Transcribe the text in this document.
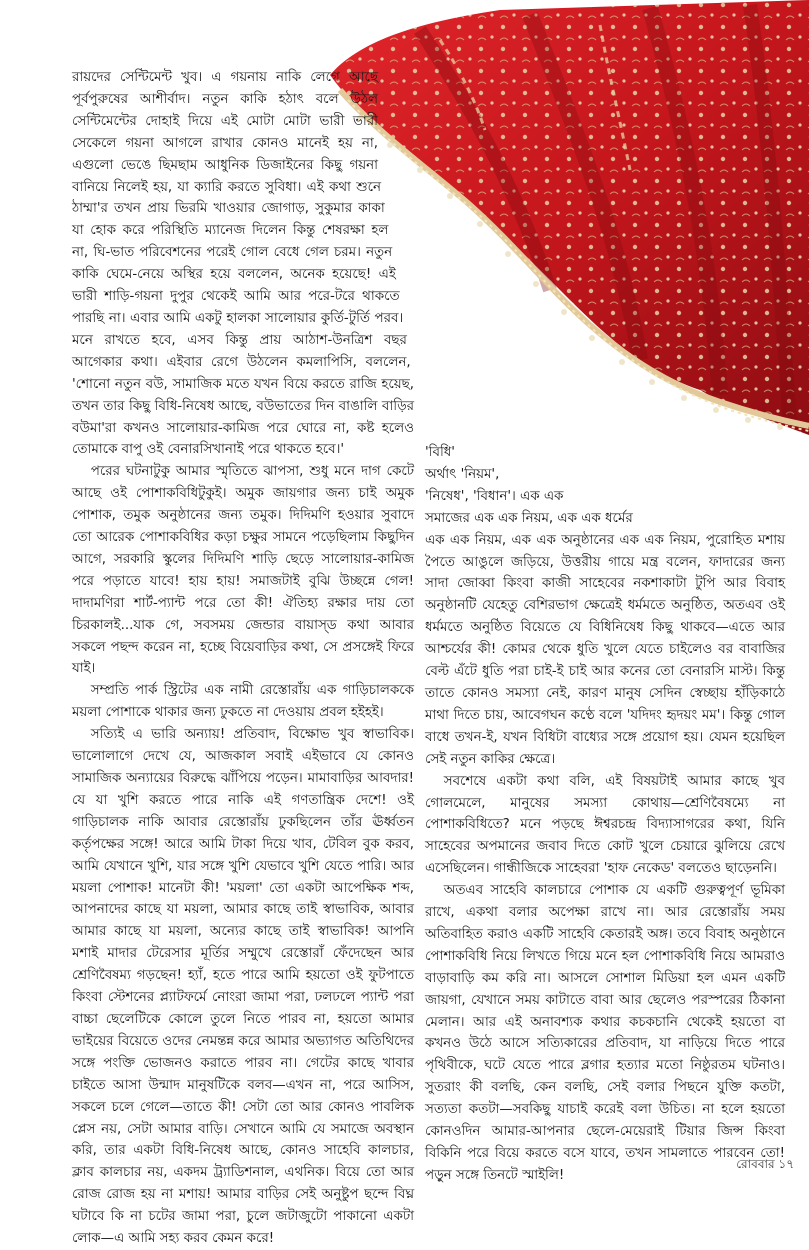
রায়দের সেন্টিমেন্ট খুব। এ গয়নায় নাকি লেগে আছে পূর্বপুরুষের আশীর্বাদ। নতুন কাকি হঠাৎ বলে উঠল সেন্টিমেন্টের দোহাই দিয়ে এই মোটা মোটা ভারী ভারী সেকেলে গয়না আগলে রাখার কোনও মানেই হয় না, এগুলো ভেঙে ছিমছাম আধুনিক ডিজাইনের কিছু গয়না বানিয়ে নিলেই হয়, যা ক্যারি করতে সুবিধা। এই কথা শুনে ঠাম্মা'র তখন প্রায় ভিরমি খাওয়ার জোগাড়, সুকুমার কাকা যা হোক করে পরিস্থিতি ম্যানেজ দিলেন কিন্তু শেষরক্ষা হল না, ঘি-ভাত পরিবেশনের পরেই গোল বেধে গেল চরম। নতুন কাকি ঘেমে-নেয়ে অস্থির হয়ে বললেন, অনেক হয়েছে! এই ভারী শাড়ি-গয়না দুপুর থেকেই আমি আর পরে-টরে থাকতে পারছি না। এবার আমি একটু হালকা সালোয়ার কুর্তি-টুর্তি পরব। মনে রাখতে হবে, এসব কিন্তু প্রায় আঠাশ-উনত্রিশ বছর আগেকার কথা। এইবার রেগে উঠলেন কমলাপিসি, বললেন, 'শোনো নতুন বউ, সামাজিক মতে যখন বিয়ে করতে রাজি হয়েছ, তখন তার কিছু বিধি-নিষেধ আছে, বউভাতের দিন বাঙালি বাড়ির বউমা'রা কখনও সালোয়ার-কামিজ পরে ঘোরে না, কষ্ট হলেও তোমাকে বাপু ওই বেনারসিখানাই পরে থাকতে হবে।'

পরের ঘটনাটুকু আমার স্মৃতিতে ঝাপসা, শুধু মনে দাগ কেটে আছে ওই পোশাকবিধিটুকুই। অমুক জায়গার জন্য চাই অমুক পোশাক, তমুক অনুষ্ঠানের জন্য তমুক। দিদিমণি হওয়ার সুবাদে তো আরেক পোশাকবিধির কড়া চক্ষুর সামনে পড়েছিলাম কিছুদিন আগে, সরকারি স্কুলের দিদিমণি শাড়ি ছেড়ে সালোয়ার-কামিজ পরে পড়াতে যাবে! হায় হায়! সমাজটাই বুঝি উচ্ছন্নে গেল! দাদামণিরা শার্ট-প্যান্ট পরে তো কী! ঐতিহ্য রক্ষার দায় তো চিরকালই...যাক গে, সবসময় জেন্ডার বায়াস্ড কথা আবার সকলে পছন্দ করেন না, হচ্ছে বিয়েবাড়ির কথা, সে প্রসঙ্গেই ফিরে যাই।

সম্প্রতি পার্ক স্ট্রিটের এক নামী রেস্তোরাঁয় এক গাড়িচালককে ময়লা পোশাকে থাকার জন্য ঢুকতে না দেওয়ায় প্রবল হইহই।

সত্যিই এ ভারি অন্যায়! প্রতিবাদ, বিক্ষোভ খুব স্বাভাবিক। ভালোলাগে দেখে যে, আজকাল সবাই এইভাবে যে কোনও সামাজিক অন্যায়ের বিরুদ্ধে ঝাঁপিয়ে পড়েন। মামাবাড়ির আবদার! যে যা খুশি করতে পারে নাকি এই গণতান্ত্রিক দেশে! ওই গাড়িচালক নাকি আবার রেস্তোরাঁয় ঢুকছিলেন তাঁর ঊর্ধ্বতন কর্তৃপক্ষের সঙ্গে! আরে আমি টাকা দিয়ে খাব, টেবিল বুক করব, আমি যেখানে খুশি, যার সঙ্গে খুশি যেভাবে খুশি যেতে পারি। আর ময়লা পোশাক! মানেটা কী! 'ময়লা' তো একটা আপেক্ষিক শব্দ, আপনাদের কাছে যা ময়লা, আমার কাছে তাই স্বাভাবিক, আবার আমার কাছে যা ময়লা, অন্যের কাছে তাই স্বাভাবিক! আপনি মশাই মাদার টেরেসার মূর্তির সম্মুখে রেস্তোরাঁ ফেঁদেছেন আর শ্রেণিবৈষম্য গড়ছেন! হ্যাঁ, হতে পারে আমি হয়তো ওই ফুটপাতে কিংবা স্টেশনের প্ল্যাটফর্মে নোংরা জামা পরা, ঢলঢলে প্যান্ট পরা বাচ্চা ছেলেটিকে কোলে তুলে নিতে পারব না, হয়তো আমার ভাইয়ের বিয়েতে ওদের নেমন্তন্ন করে আমার অভ্যাগত অতিথিদের সঙ্গে পংক্তি ভোজনও করাতে পারব না। গেটের কাছে খাবার চাইতে আসা উন্মাদ মানুষটিকে বলব—এখন না, পরে আসিস, সকলে চলে গেলে—তাতে কী! সেটা তো আর কোনও পাবলিক প্লেস নয়, সেটা আমার বাড়ি। সেখানে আমি যে সমাজে অবস্থান করি, তার একটা বিধি-নিষেধ আছে, কোনও সাহেবি কালচার, ক্লাব কালচার নয়, একদম ট্র্যাডিশনাল, এথনিক। বিয়ে তো আর রোজ রোজ হয় না মশায়! আমার বাড়ির সেই অনুষ্টুপ ছন্দে বিঘ্ন ঘটাবে কি না চটের জামা পরা, চুলে জটাজুটো পাকানো একটা লোক—এ আমি সহ্য করব কেমন করে!

'বিধি'
অর্থাৎ 'নিয়ম',
'নিষেধ', 'বিধান'। এক এক
সমাজের এক এক নিয়ম, এক এক ধর্মের

এক এক নিয়ম, এক এক অনুষ্ঠানের এক এক নিয়ম, পুরোহিত মশায় পৈতে আঙুলে জড়িয়ে, উত্তরীয় গায়ে মন্ত্র বলেন, ফাদারের জন্য সাদা জোব্বা কিংবা কাজী সাহেবের নকশাকাটা টুপি আর বিবাহ অনুষ্ঠানটি যেহেতু বেশিরভাগ ক্ষেত্রেই ধর্মমতে অনুষ্ঠিত, অতএব ওই ধর্মমতে অনুষ্ঠিত বিয়েতে যে বিধিনিষেধ কিছু থাকবে—এতে আর আশ্চর্যের কী! কোমর থেকে ধুতি খুলে যেতে চাইলেও বর বাবাজির বেল্ট এঁটে ধুতি পরা চাই-ই চাই আর কনের তো বেনারসি মাস্ট। কিন্তু তাতে কোনও সমস্যা নেই, কারণ মানুষ সেদিন স্বেচ্ছায় হাঁড়িকাঠে মাথা দিতে চায়, আবেগঘন কণ্ঠে বলে 'যদিদং হৃদয়ং মম'। কিন্তু গোল বাধে তখন-ই, যখন বিধিটা বাধ্যের সঙ্গে প্রয়োগ হয়। যেমন হয়েছিল সেই নতুন কাকির ক্ষেত্রে।

সবশেষে একটা কথা বলি, এই বিষয়টাই আমার কাছে খুব গোলমেলে, মানুষের সমস্যা কোথায়—শ্রেণিবৈষম্যে না পোশাকবিধিতে? মনে পড়ছে ঈশ্বরচন্দ্র বিদ্যাসাগরের কথা, যিনি সাহেবের অপমানের জবাব দিতে কোট খুলে চেয়ারে ঝুলিয়ে রেখে এসেছিলেন। গান্ধীজিকে সাহেবরা 'হাফ নেকেড' বলতেও ছাড়েননি।

অতএব সাহেবি কালচারে পোশাক যে একটি গুরুত্বপূর্ণ ভূমিকা রাখে, একথা বলার অপেক্ষা রাখে না। আর রেস্তোরাঁয় সময় অতিবাহিত করাও একটি সাহেবি কেতারই অঙ্গ। তবে বিবাহ অনুষ্ঠানে পোশাকবিধি নিয়ে লিখতে গিয়ে মনে হল পোশাকবিধি নিয়ে আমরাও বাড়াবাড়ি কম করি না। আসলে সোশাল মিডিয়া হল এমন একটি জায়গা, যেখানে সময় কাটাতে বাবা আর ছেলেও পরস্পরের ঠিকানা মেলান। আর এই অনাবশ্যক কথার কচকচানি থেকেই হয়তো বা কখনও উঠে আসে সত্যিকারের প্রতিবাদ, যা নাড়িয়ে দিতে পারে পৃথিবীকে, ঘটে যেতে পারে ব্লগার হত্যার মতো নিষ্ঠুরতম ঘটনাও। সুতরাং কী বলছি, কেন বলছি, সেই বলার পিছনে যুক্তি কতটা, সত্যতা কতটা—সবকিছু যাচাই করেই বলা উচিত। না হলে হয়তো কোনওদিন আমার-আপনার ছেলে-মেয়েরাই টিয়ার জিন্স কিংবা বিকিনি পরে বিয়ে করতে বসে যাবে, তখন সামলাতে পারবেন তো! পড়ুন সঙ্গে তিনটে স্মাইলি!

রোববার ১৭
